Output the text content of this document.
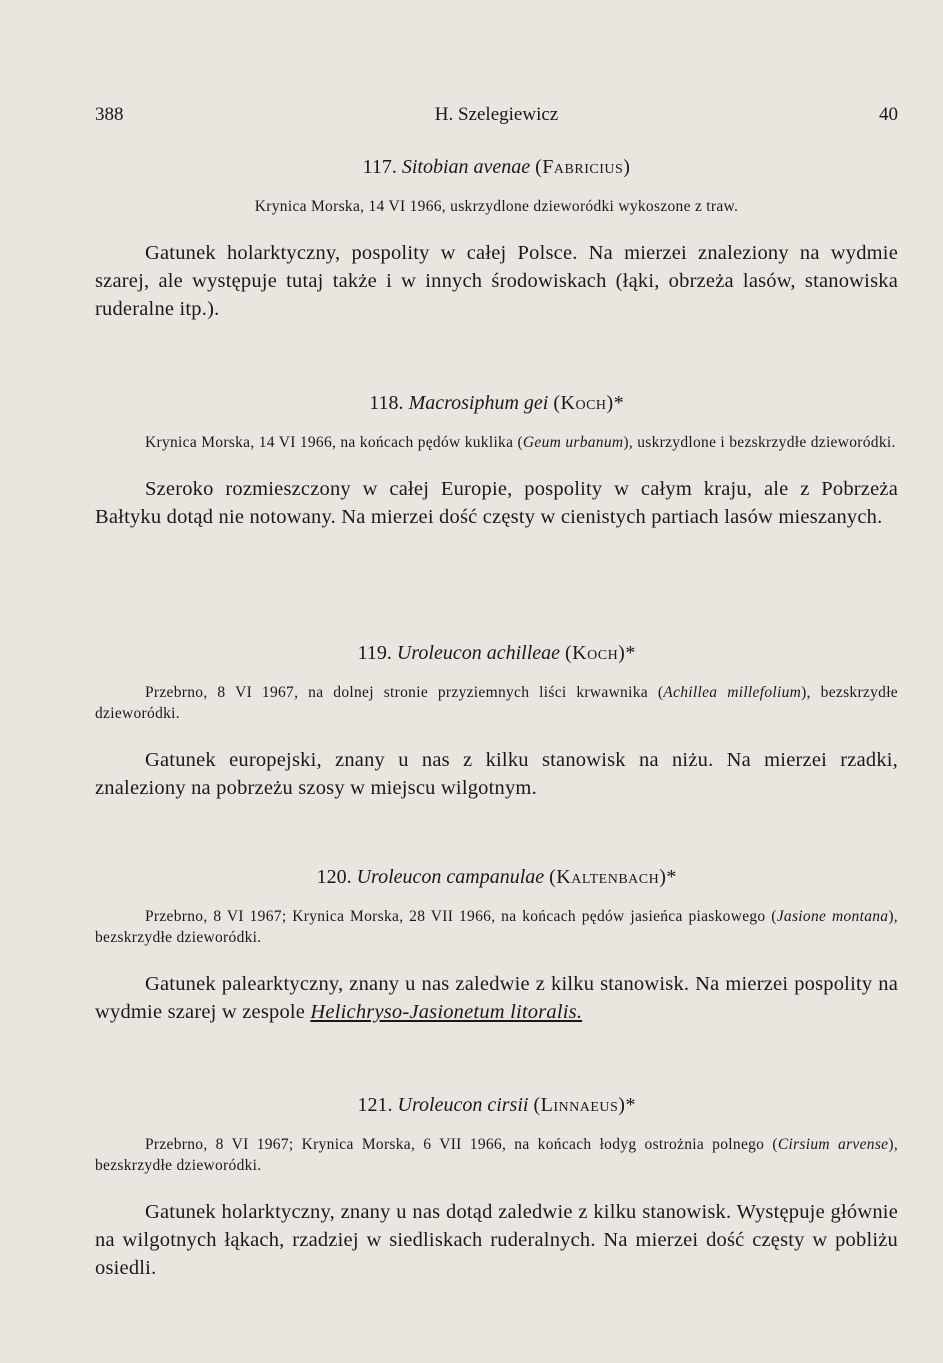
388	H. Szelegiewicz	40

117. Sitobian avenae (Fabricius)

Krynica Morska, 14 VI 1966, uskrzydlone dzieworódki wykoszone z traw.

Gatunek holarktyczny, pospolity w całej Polsce. Na mierzei znaleziony na wydmie szarej, ale występuje tutaj także i w innych środowiskach (łąki, obrzeża lasów, stanowiska ruderalne itp.).

118. Macrosiphum gei (Koch)*

Krynica Morska, 14 VI 1966, na końcach pędów kuklika (Geum urbanum), uskrzydlone i bezskrzydłe dzieworódki.

Szeroko rozmieszczony w całej Europie, pospolity w całym kraju, ale z Pobrzeża Bałtyku dotąd nie notowany. Na mierzei dość częsty w cienistych partiach lasów mieszanych.

119. Uroleucon achilleae (Koch)*

Przebrno, 8 VI 1967, na dolnej stronie przyziemnych liści krwawnika (Achillea millefolium), bezskrzydłe dzieworódki.

Gatunek europejski, znany u nas z kilku stanowisk na niżu. Na mierzei rzadki, znaleziony na pobrzeżu szosy w miejscu wilgotnym.

120. Uroleucon campanulae (Kaltenbach)*

Przebrno, 8 VI 1967; Krynica Morska, 28 VII 1966, na końcach pędów jasieńca piaskowego (Jasione montana), bezskrzydłe dzieworódki.

Gatunek palearktyczny, znany u nas zaledwie z kilku stanowisk. Na mierzei pospolity na wydmie szarej w zespole Helichryso-Jasionetum litoralis.

121. Uroleucon cirsii (Linnaeus)*

Przebrno, 8 VI 1967; Krynica Morska, 6 VII 1966, na końcach łodyg ostrożnia polnego (Cirsium arvense), bezskrzydłe dzieworódki.

Gatunek holarktyczny, znany u nas dotąd zaledwie z kilku stanowisk. Występuje głównie na wilgotnych łąkach, rzadziej w siedliskach ruderalnych. Na mierzei dość częsty w pobliżu osiedli.
